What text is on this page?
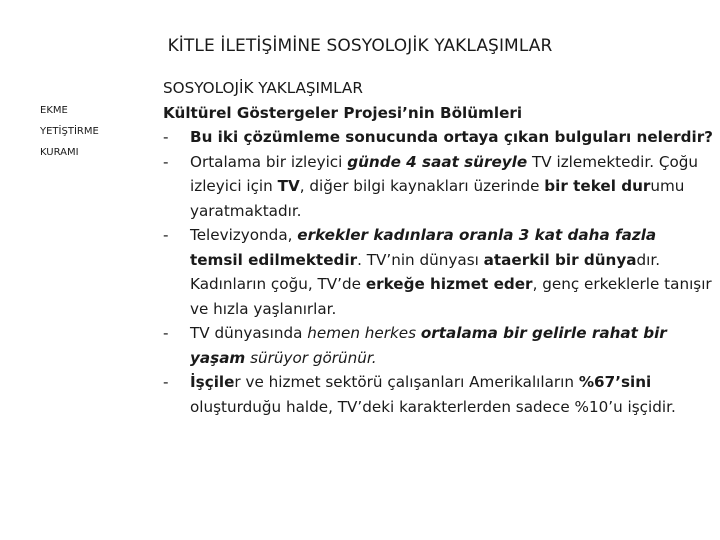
KİTLE İLETİŞİMİNE SOSYOLOJİK YAKLAŞIMLAR
EKME
YETİŞTİRME
KURAMI
SOSYOLOJİK YAKLAŞIMLAR
Kültürel Göstergeler Projesi’nin Bölümleri
- Bu iki çözümleme sonucunda ortaya çıkan bulguları nelerdir?
- Ortalama bir izleyici günde 4 saat süreyle TV izlemektedir. Çoğu izleyici için TV, diğer bilgi kaynakları üzerinde bir tekel durumu yaratmaktadır.
- Televizyonda, erkekler kadınlara oranla 3 kat daha fazla temsil edilmektedir. TV’nin dünyası ataerkil bir dünyadır. Kadınların çoğu, TV’de erkeğe hizmet eder, genç erkeklerle tanışır ve hızla yaşlanırlar.
- TV dünyasında hemen herkes ortalama bir gelirle rahat bir yaşam sürüyor görünür.
- İşçiler ve hizmet sektörü çalışanları Amerikalıların %67’sini oluşturduğu halde, TV’deki karakterlerden sadece %10’u işçidir.
